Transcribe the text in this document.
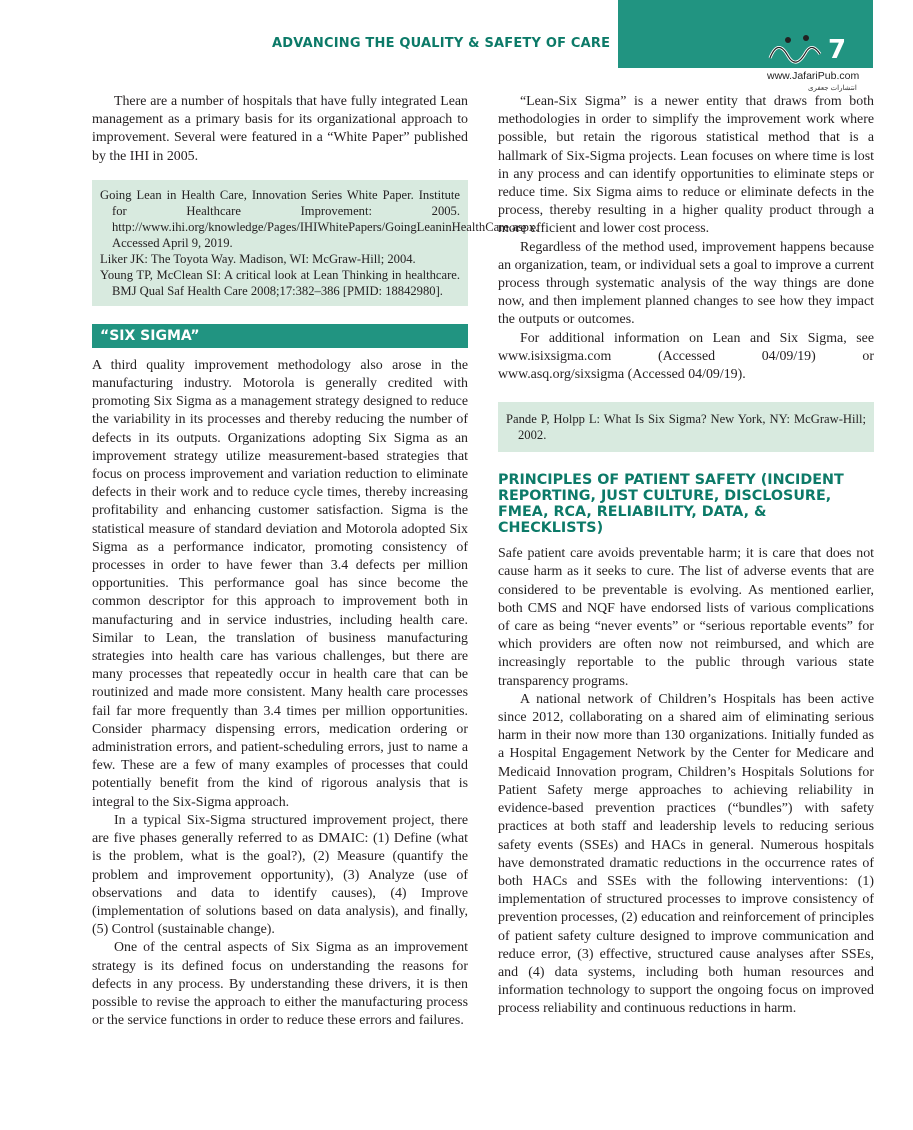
ADVANCING THE QUALITY & SAFETY OF CARE	7
www.JafariPub.com
انتشارات جعفری

There are a number of hospitals that have fully integrated Lean management as a primary basis for its organizational approach to improvement. Several were featured in a “White Paper” published by the IHI in 2005.

Going Lean in Health Care, Innovation Series White Paper. Institute for Healthcare Improvement: 2005. http://www.ihi.org/knowledge/Pages/IHIWhitePapers/GoingLeaninHealthCare.aspx. Accessed April 9, 2019.

Liker JK: The Toyota Way. Madison, WI: McGraw-Hill; 2004.

Young TP, McClean SI: A critical look at Lean Thinking in healthcare. BMJ Qual Saf Health Care 2008;17:382–386 [PMID: 18842980].

“SIX SIGMA”

A third quality improvement methodology also arose in the manufacturing industry. Motorola is generally credited with promoting Six Sigma as a management strategy designed to reduce the variability in its processes and thereby reducing the number of defects in its outputs. Organizations adopting Six Sigma as an improvement strategy utilize measurement-based strategies that focus on process improvement and variation reduction to eliminate defects in their work and to reduce cycle times, thereby increasing profitability and enhancing customer satisfaction. Sigma is the statistical measure of standard deviation and Motorola adopted Six Sigma as a performance indicator, promoting consistency of processes in order to have fewer than 3.4 defects per million opportunities. This performance goal has since become the common descriptor for this approach to improvement both in manufacturing and in service industries, including health care. Similar to Lean, the translation of business manufacturing strategies into health care has various challenges, but there are many processes that repeatedly occur in health care that can be routinized and made more consistent. Many health care processes fail far more frequently than 3.4 times per million opportunities. Consider pharmacy dispensing errors, medication ordering or administration errors, and patient-scheduling errors, just to name a few. These are a few of many examples of processes that could potentially benefit from the kind of rigorous analysis that is integral to the Six-Sigma approach.

In a typical Six-Sigma structured improvement project, there are five phases generally referred to as DMAIC: (1) Define (what is the problem, what is the goal?), (2) Measure (quantify the problem and improvement opportunity), (3) Analyze (use of observations and data to identify causes), (4) Improve (implementation of solutions based on data analysis), and finally, (5) Control (sustainable change).

One of the central aspects of Six Sigma as an improvement strategy is its defined focus on understanding the reasons for defects in any process. By understanding these drivers, it is then possible to revise the approach to either the manufacturing process or the service functions in order to reduce these errors and failures.

“Lean-Six Sigma” is a newer entity that draws from both methodologies in order to simplify the improvement work where possible, but retain the rigorous statistical method that is a hallmark of Six-Sigma projects. Lean focuses on where time is lost in any process and can identify opportunities to eliminate steps or reduce time. Six Sigma aims to reduce or eliminate defects in the process, thereby resulting in a higher quality product through a more efficient and lower cost process.

Regardless of the method used, improvement happens because an organization, team, or individual sets a goal to improve a current process through systematic analysis of the way things are done now, and then implement planned changes to see how they impact the outputs or outcomes.

For additional information on Lean and Six Sigma, see www.isixsigma.com (Accessed 04/09/19) or www.asq.org/sixsigma (Accessed 04/09/19).

Pande P, Holpp L: What Is Six Sigma? New York, NY: McGraw-Hill; 2002.

PRINCIPLES OF PATIENT SAFETY (INCIDENT REPORTING, JUST CULTURE, DISCLOSURE, FMEA, RCA, RELIABILITY, DATA, & CHECKLISTS)

Safe patient care avoids preventable harm; it is care that does not cause harm as it seeks to cure. The list of adverse events that are considered to be preventable is evolving. As mentioned earlier, both CMS and NQF have endorsed lists of various complications of care as being “never events” or “serious reportable events” for which providers are often now not reimbursed, and which are increasingly reportable to the public through various state transparency programs.

A national network of Children’s Hospitals has been active since 2012, collaborating on a shared aim of eliminating serious harm in their now more than 130 organizations. Initially funded as a Hospital Engagement Network by the Center for Medicare and Medicaid Innovation program, Children’s Hospitals Solutions for Patient Safety merge approaches to achieving reliability in evidence-based prevention practices (“bundles”) with safety practices at both staff and leadership levels to reducing serious safety events (SSEs) and HACs in general. Numerous hospitals have demonstrated dramatic reductions in the occurrence rates of both HACs and SSEs with the following interventions: (1) implementation of structured processes to improve consistency of prevention processes, (2) education and reinforcement of principles of patient safety culture designed to improve communication and reduce error, (3) effective, structured cause analyses after SSEs, and (4) data systems, including both human resources and information technology to support the ongoing focus on improved process reliability and continuous reductions in harm.
